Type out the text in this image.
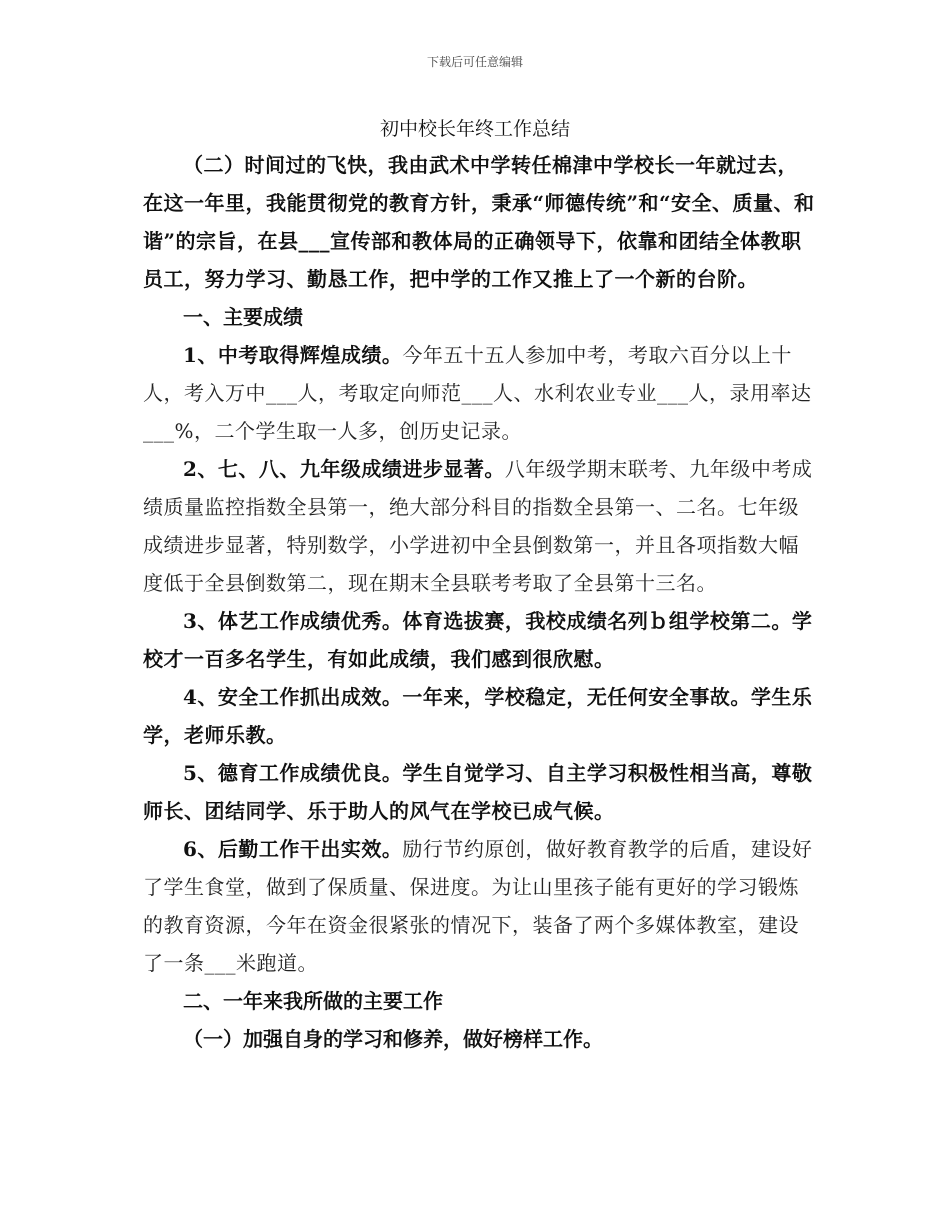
下载后可任意编辑
初中校长年终工作总结

（二）时间过的飞快，我由武术中学转任棉津中学校长一年就过去，在这一年里，我能贯彻党的教育方针，秉承“师德传统”和“安全、质量、和谐”的宗旨，在县___宣传部和教体局的正确领导下，依靠和团结全体教职员工，努力学习、勤恳工作，把中学的工作又推上了一个新的台阶。

一、主要成绩

1、中考取得辉煌成绩。今年五十五人参加中考，考取六百分以上十人，考入万中___人，考取定向师范___人、水利农业专业___人，录用率达___%，二个学生取一人多，创历史记录。

2、七、八、九年级成绩进步显著。八年级学期末联考、九年级中考成绩质量监控指数全县第一，绝大部分科目的指数全县第一、二名。七年级成绩进步显著，特别数学，小学进初中全县倒数第一，并且各项指数大幅度低于全县倒数第二，现在期末全县联考考取了全县第十三名。

3、体艺工作成绩优秀。体育选拔赛，我校成绩名列ｂ组学校第二。学校才一百多名学生，有如此成绩，我们感到很欣慰。

4、安全工作抓出成效。一年来，学校稳定，无任何安全事故。学生乐学，老师乐教。

5、德育工作成绩优良。学生自觉学习、自主学习积极性相当高，尊敬师长、团结同学、乐于助人的风气在学校已成气候。

6、后勤工作干出实效。励行节约原创，做好教育教学的后盾，建设好了学生食堂，做到了保质量、保进度。为让山里孩子能有更好的学习锻炼的教育资源，今年在资金很紧张的情况下，装备了两个多媒体教室，建设了一条___米跑道。

二、一年来我所做的主要工作

（一）加强自身的学习和修养，做好榜样工作。
